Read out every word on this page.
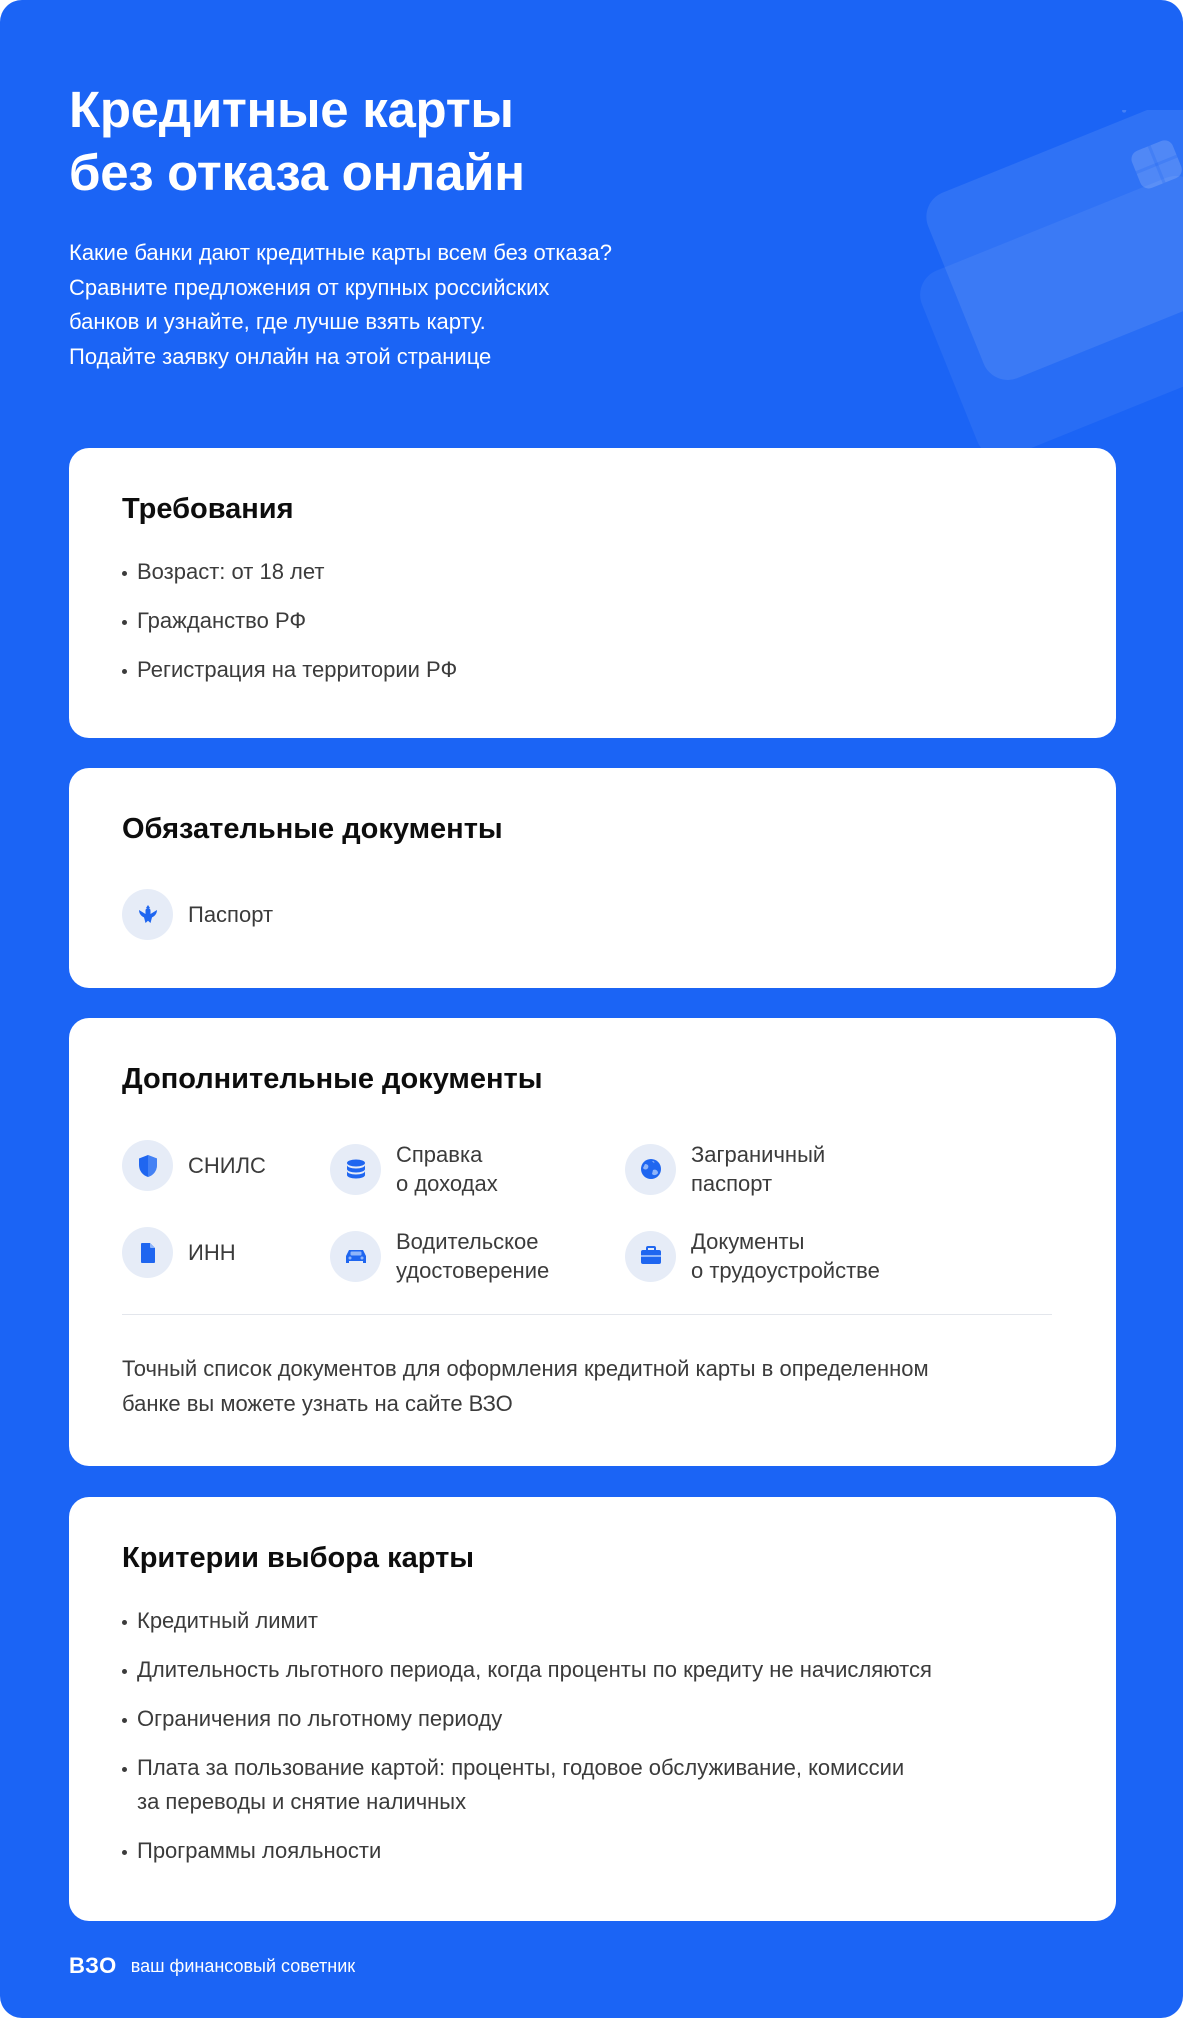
Кредитные карты
без отказа онлайн

Какие банки дают кредитные карты всем без отказа?
Сравните предложения от крупных российских
банков и узнайте, где лучше взять карту.
Подайте заявку онлайн на этой странице

Требования
Возраст: от 18 лет
Гражданство РФ
Регистрация на территории РФ
Обязательные документы
Паспорт
Дополнительные документы
СНИЛС	Справка
о доходах
Заграничный
паспорт
ИНН	Водительское
удостоверение
Документы
о трудоустройстве

Точный список документов для оформления кредитной карты в определенном
банке вы можете узнать на сайте ВЗО

Критерии выбора карты
Кредитный лимит
Длительность льготного периода, когда проценты по кредиту не начисляются
Ограничения по льготному периоду
Плата за пользование картой: проценты, годовое обслуживание, комиссии
за переводы и снятие наличных
Программы лояльности
ВЗО ваш финансовый советник
